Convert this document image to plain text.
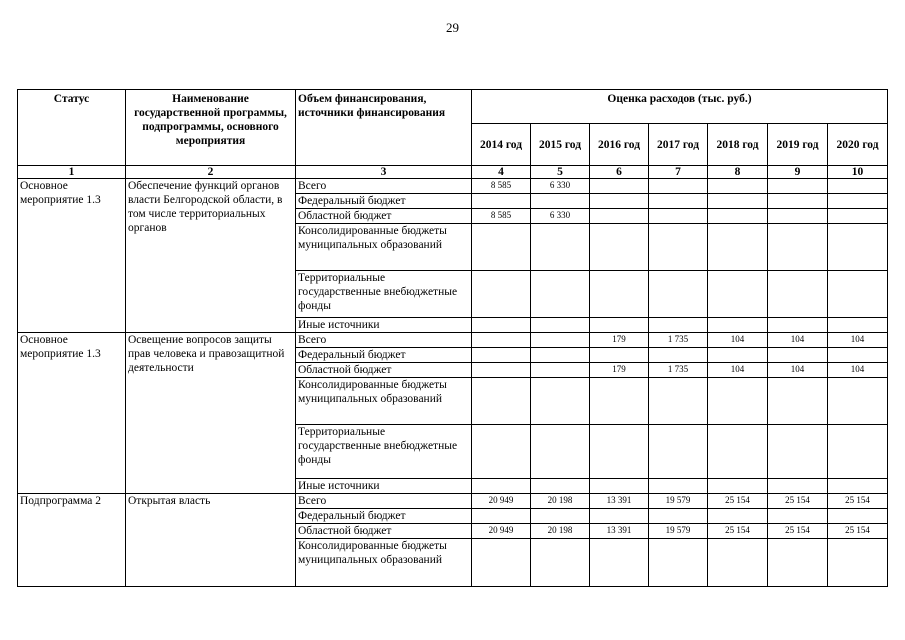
29
Статус	Наименование государственной программы, подпрограммы, основного мероприятия	Объем финансирования, источники финансирования	Оценка расходов (тыс. руб.)						
			2014 год	2015 год	2016 год	2017 год	2018 год	2019 год	2020 год
1	2	3	4	5	6	7	8	9	10
Основное мероприятие 1.3	Обеспечение функций органов власти Белгородской области, в том числе территориальных органов	Всего	8 585	6 330					
		Федеральный бюджет							
		Областной бюджет	8 585	6 330					
		Консолидированные бюджеты муниципальных образований							
		Территориальные государственные внебюджетные фонды							
		Иные источники							
Основное мероприятие 1.3	Освещение вопросов защиты прав человека и правозащитной деятельности	Всего			179	1 735	104	104	104
		Федеральный бюджет							
		Областной бюджет			179	1 735	104	104	104
		Консолидированные бюджеты муниципальных образований							
		Территориальные государственные внебюджетные фонды							
		Иные источники							
Подпрограмма 2	Открытая власть	Всего	20 949	20 198	13 391	19 579	25 154	25 154	25 154
		Федеральный бюджет							
		Областной бюджет	20 949	20 198	13 391	19 579	25 154	25 154	25 154
		Консолидированные бюджеты муниципальных образований							
